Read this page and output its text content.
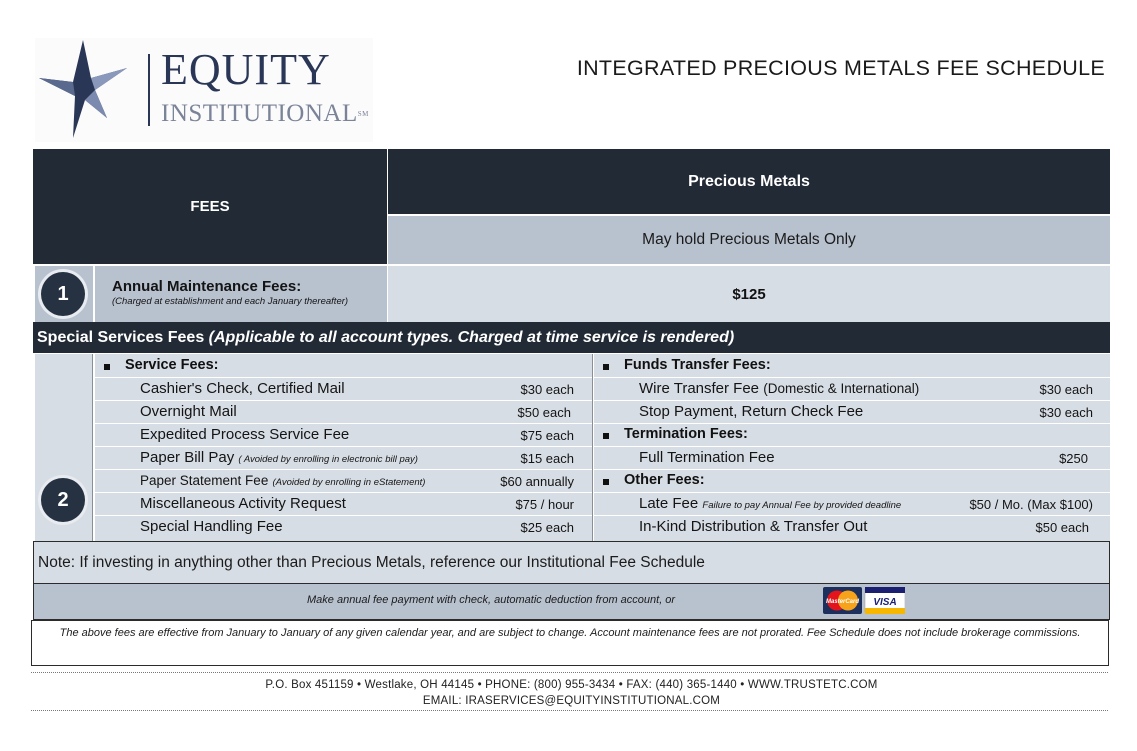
EQUITY
INSTITUTIONAL℠
INTEGRATED PRECIOUS METALS FEE SCHEDULE
FEES
Precious Metals
May hold Precious Metals Only
1	Annual Maintenance Fees:
(Charged at establishment and each January thereafter)	$125
Special Services Fees (Applicable to all account types. Charged at time service is rendered)
2
Service Fees:
Cashier's Check, Certified Mail	$30 each
Overnight Mail	$50 each
Expedited Process Service Fee	$75 each
Paper Bill Pay ( Avoided by enrolling in electronic bill pay)	$15 each
Paper Statement Fee (Avoided by enrolling in eStatement)	$60 annually
Miscellaneous Activity Request	$75 / hour
Special Handling Fee	$25 each
Funds Transfer Fees:
Wire Transfer Fee (Domestic & International)	$30 each
Stop Payment, Return Check Fee	$30 each
Termination Fees:
Full Termination Fee	$250
Other Fees:
Late Fee Failure to pay Annual Fee by provided deadline	$50 / Mo. (Max $100)
In-Kind Distribution & Transfer Out	$50 each
Note: If investing in anything other than Precious Metals, reference our Institutional Fee Schedule
Make annual fee payment with check, automatic deduction from account, or	MasterCard VISA
The above fees are effective from January to January of any given calendar year, and are subject to change. Account maintenance fees are not prorated. Fee Schedule does not include brokerage commissions.
P.O. Box 451159 • Westlake, OH 44145 • PHONE: (800) 955-3434 • FAX: (440) 365-1440 • WWW.TRUSTETC.COM
EMAIL: IRASERVICES@EQUITYINSTITUTIONAL.COM
